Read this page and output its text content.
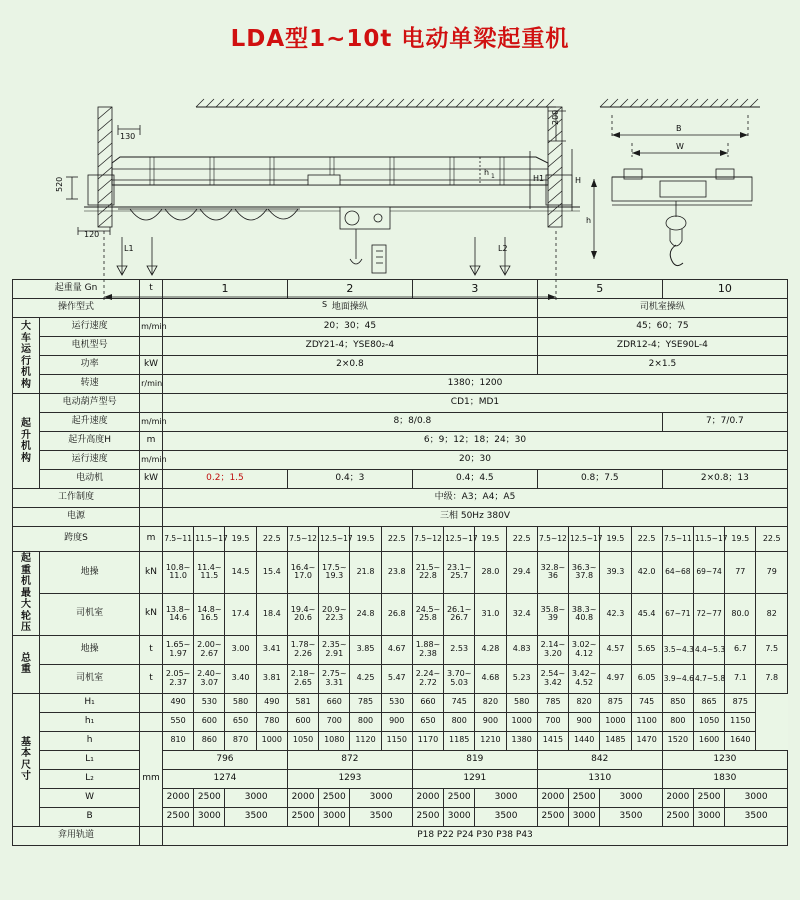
LDA型1~10t 电动单梁起重机
200
130
520
120
L1	L2
h 1	H1	H
S
B
W
h
起重量 Gn		t	1				2				3				5				10			
操作型式			地面操纵												司机室操纵							

大
车
运
行
机
构
	运行速度	m/min	20；30；45	45；60；75
	电机型号		ZDY21-4；YSE80₂-4												ZDR12-4；YSE90L-4							
	功率	kW	2×0.8												2×1.5							
	转速	r/min	1380；1200																			

起
升
机
构	电动葫芦型号		CD1；MD1																			
	起升速度	m/min	8；8/0.8																7；7/0.7			
	起升高度H	m	6；9；12；18；24；30																			
	运行速度	m/min	20；30																			
	电动机	kW	0.2；1.5				0.4；3				0.4；4.5				0.8；7.5				2×0.8；13			
工作制度			中级：A3；A4；A5																			
电源			三相 50Hz 380V																			
跨度S		m	7.5~11	11.5~17	19.5	22.5	7.5~12	12.5~17	19.5	22.5	7.5~12	12.5~17	19.5	22.5	7.5~12	12.5~17	19.5	22.5	7.5~11	11.5~17	19.5	22.5

起
重
机
最
大
轮
压
	地操	kN	10.8~
11.0	11.4~
11.5	14.5	15.4	16.4~
17.0	17.5~
19.3	21.8	23.8	21.5~
22.8	23.1~
25.7	28.0	29.4	32.8~
36	36.3~
37.8	39.3	42.0	64~68	69~74	77	79
	司机室	kN	13.8~
14.6	14.8~
16.5	17.4	18.4	19.4~
20.6	20.9~
22.3	24.8	26.8	24.5~
25.8	26.1~
26.7	31.0	32.4	35.8~
39	38.3~
40.8	42.3	45.4	67~71	72~77	80.0	82

总
重	地操	t	1.65~
1.97	2.00~
2.67	3.00	3.41	1.78~
2.26	2.35~
2.91	3.85	4.67	1.88~
2.38	2.53	4.28	4.83	2.14~
3.20	3.02~
4.12	4.57	5.65	3.5~4.3	4.4~5.3	6.7	7.5
	司机室	t	2.05~
2.37	2.40~
3.07	3.40	3.81	2.18~
2.65	2.75~
3.31	4.25	5.47	2.24~
2.72	3.70~
5.03	4.68	5.23	2.54~
3.42	3.42~
4.52	4.97	6.05	3.9~4.6	4.7~5.8	7.1	7.8

基
本
尺
寸	H₁		490	530	580	490	581	660	785	530	660	745	820	580	785	820	875	745	850	865	875	
	h₁		550	600	650	780	600	700	800	900	650	800	900	1000	700	900	1000	1100	800	1050	1150	
	h	mm	810	860	870	1000	1050	1080	1120	1150	1170	1185	1210	1380	1415	1440	1485	1470	1520	1600	1640	
	L₁		796				872				819				842				1230			
	L₂		1274				1293				1291				1310				1830			
	W		2000	2500	3000		2000	2500	3000		2000	2500	3000		2000	2500	3000		2000	2500	3000	
	B		2500	3000	3500		2500	3000	3500		2500	3000	3500		2500	3000	3500		2500	3000	3500	
弇用轨道			P18 P22 P24 P30 P38 P43																			
